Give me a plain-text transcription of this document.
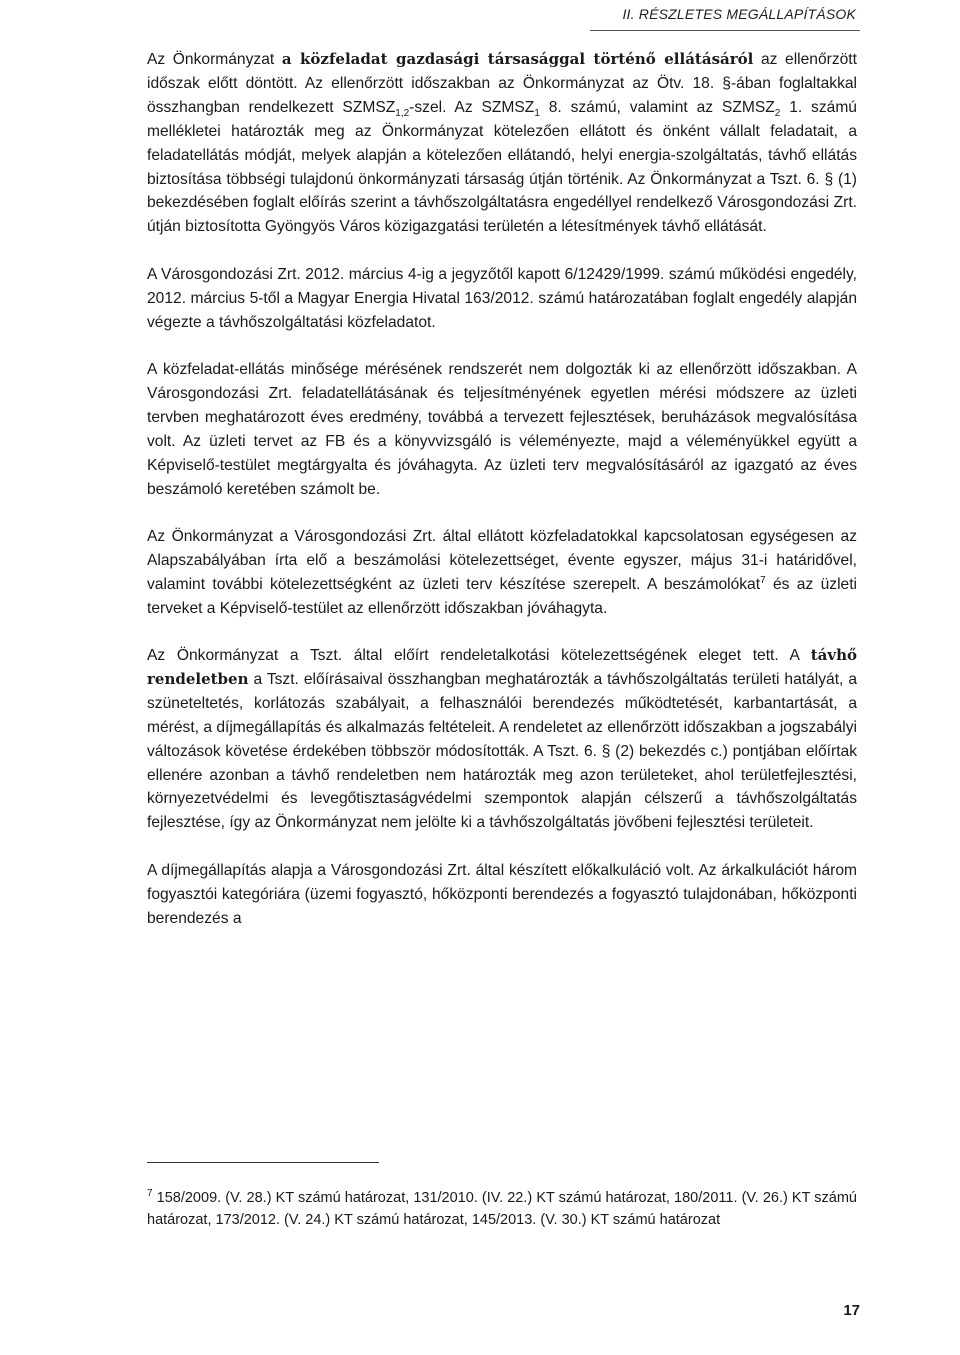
II. RÉSZLETES MEGÁLLAPÍTÁSOK

Az Önkormányzat a közfeladat gazdasági társasággal történő ellátásáról az ellenőrzött időszak előtt döntött. Az ellenőrzött időszakban az Önkormányzat az Ötv. 18. §-ában foglaltakkal összhangban rendelkezett $SZMSZ_{1,2}$-szel. Az $SZMSZ_1$ 8. számú, valamint az $SZMSZ_2$ 1. számú mellékletei határozták meg az Önkormányzat kötelezően ellátott és önként vállalt feladatait, a feladatellátás módját, melyek alapján a kötelezően ellátandó, helyi energia-szolgáltatás, távhő ellátás biztosítása többségi tulajdonú önkormányzati társaság útján történik. Az Önkormányzat a Tszt. 6. § (1) bekezdésében foglalt előírás szerint a távhőszolgáltatásra engedéllyel rendelkező Városgondozási Zrt. útján biztosította Gyöngyös Város közigazgatási területén a létesítmények távhő ellátását.

A Városgondozási Zrt. 2012. március 4-ig a jegyzőtől kapott 6/12429/1999. számú működési engedély, 2012. március 5-től a Magyar Energia Hivatal 163/2012. számú határozatában foglalt engedély alapján végezte a távhőszolgáltatási közfeladatot.

A közfeladat-ellátás minősége mérésének rendszerét nem dolgozták ki az ellenőrzött időszakban. A Városgondozási Zrt. feladatellátásának és teljesítményének egyetlen mérési módszere az üzleti tervben meghatározott éves eredmény, továbbá a tervezett fejlesztések, beruházások megvalósítása volt. Az üzleti tervet az FB és a könyvvizsgáló is véleményezte, majd a véleményükkel együtt a Képviselő-testület megtárgyalta és jóváhagyta. Az üzleti terv megvalósításáról az igazgató az éves beszámoló keretében számolt be.

Az Önkormányzat a Városgondozási Zrt. által ellátott közfeladatokkal kapcsolatosan egységesen az Alapszabályában írta elő a beszámolási kötelezettséget, évente egyszer, május 31-i határidővel, valamint további kötelezettségként az üzleti terv készítése szerepelt. A beszámolókat$^7$ és az üzleti terveket a Képviselő-testület az ellenőrzött időszakban jóváhagyta.

Az Önkormányzat a Tszt. által előírt rendeletalkotási kötelezettségének eleget tett. A távhő rendeletben a Tszt. előírásaival összhangban meghatározták a távhőszolgáltatás területi hatályát, a szüneteltetés, korlátozás szabályait, a felhasználói berendezés működtetését, karbantartását, a mérést, a díjmegállapítás és alkalmazás feltételeit. A rendeletet az ellenőrzött időszakban a jogszabályi változások követése érdekében többször módosították. A Tszt. 6. § (2) bekezdés c.) pontjában előírtak ellenére azonban a távhő rendeletben nem határozták meg azon területeket, ahol területfejlesztési, környezetvédelmi és levegőtisztaságvédelmi szempontok alapján célszerű a távhőszolgáltatás fejlesztése, így az Önkormányzat nem jelölte ki a távhőszolgáltatás jövőbeni fejlesztési területeit.

A díjmegállapítás alapja a Városgondozási Zrt. által készített előkalkuláció volt. Az árkalkulációt három fogyasztói kategóriára (üzemi fogyasztó, hőközponti berendezés a fogyasztó tulajdonában, hőközponti berendezés a

$^7$ 158/2009. (V. 28.) KT számú határozat, 131/2010. (IV. 22.) KT számú határozat, 180/2011. (V. 26.) KT számú határozat, 173/2012. (V. 24.) KT számú határozat, 145/2013. (V. 30.) KT számú határozat
17
